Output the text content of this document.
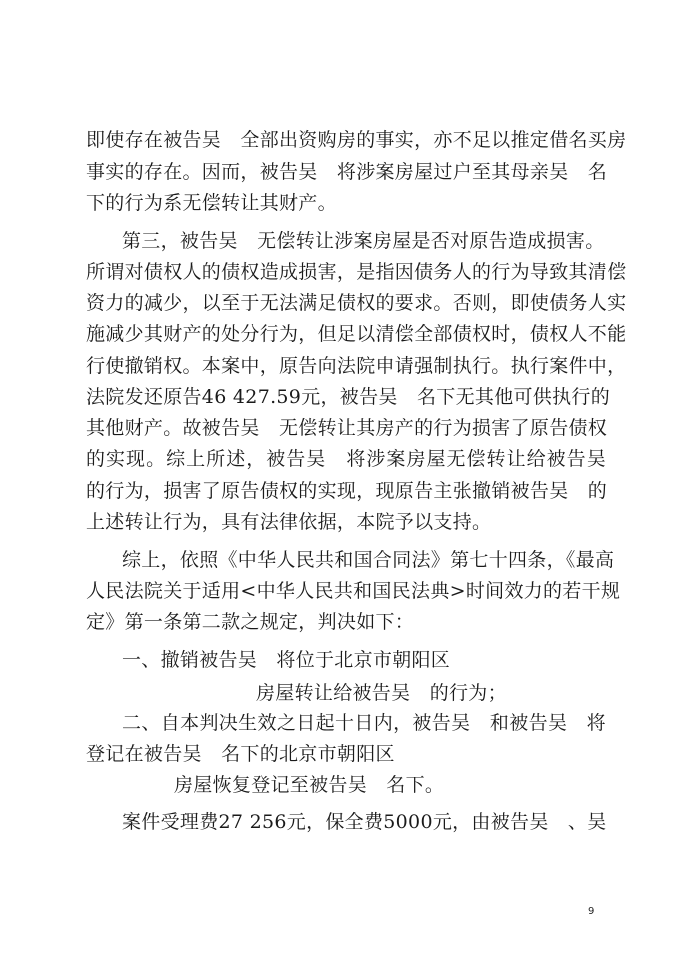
即使存在被告吴　全部出资购房的事实，亦不足以推定借名买房
事实的存在。因而，被告吴　将涉案房屋过户至其母亲吴　名
下的行为系无偿转让其财产。
第三，被告吴　无偿转让涉案房屋是否对原告造成损害。
所谓对债权人的债权造成损害，是指因债务人的行为导致其清偿
资力的减少，以至于无法满足债权的要求。否则，即使债务人实
施减少其财产的处分行为，但足以清偿全部债权时，债权人不能
行使撤销权。本案中，原告向法院申请强制执行。执行案件中，
法院发还原告46 427.59元，被告吴　名下无其他可供执行的
其他财产。故被告吴　无偿转让其房产的行为损害了原告债权
的实现。综上所述，被告吴　将涉案房屋无偿转让给被告吴
的行为，损害了原告债权的实现，现原告主张撤销被告吴　的
上述转让行为，具有法律依据，本院予以支持。
综上，依照《中华人民共和国合同法》第七十四条，《最高
人民法院关于适用<中华人民共和国民法典>时间效力的若干规
定》第一条第二款之规定，判决如下：
一、撤销被告吴　将位于北京市朝阳区
房屋转让给被告吴　的行为；
二、自本判决生效之日起十日内，被告吴　和被告吴　将
登记在被告吴　名下的北京市朝阳区
房屋恢复登记至被告吴　名下。
案件受理费27 256元，保全费5000元，由被告吴　、吴
9
